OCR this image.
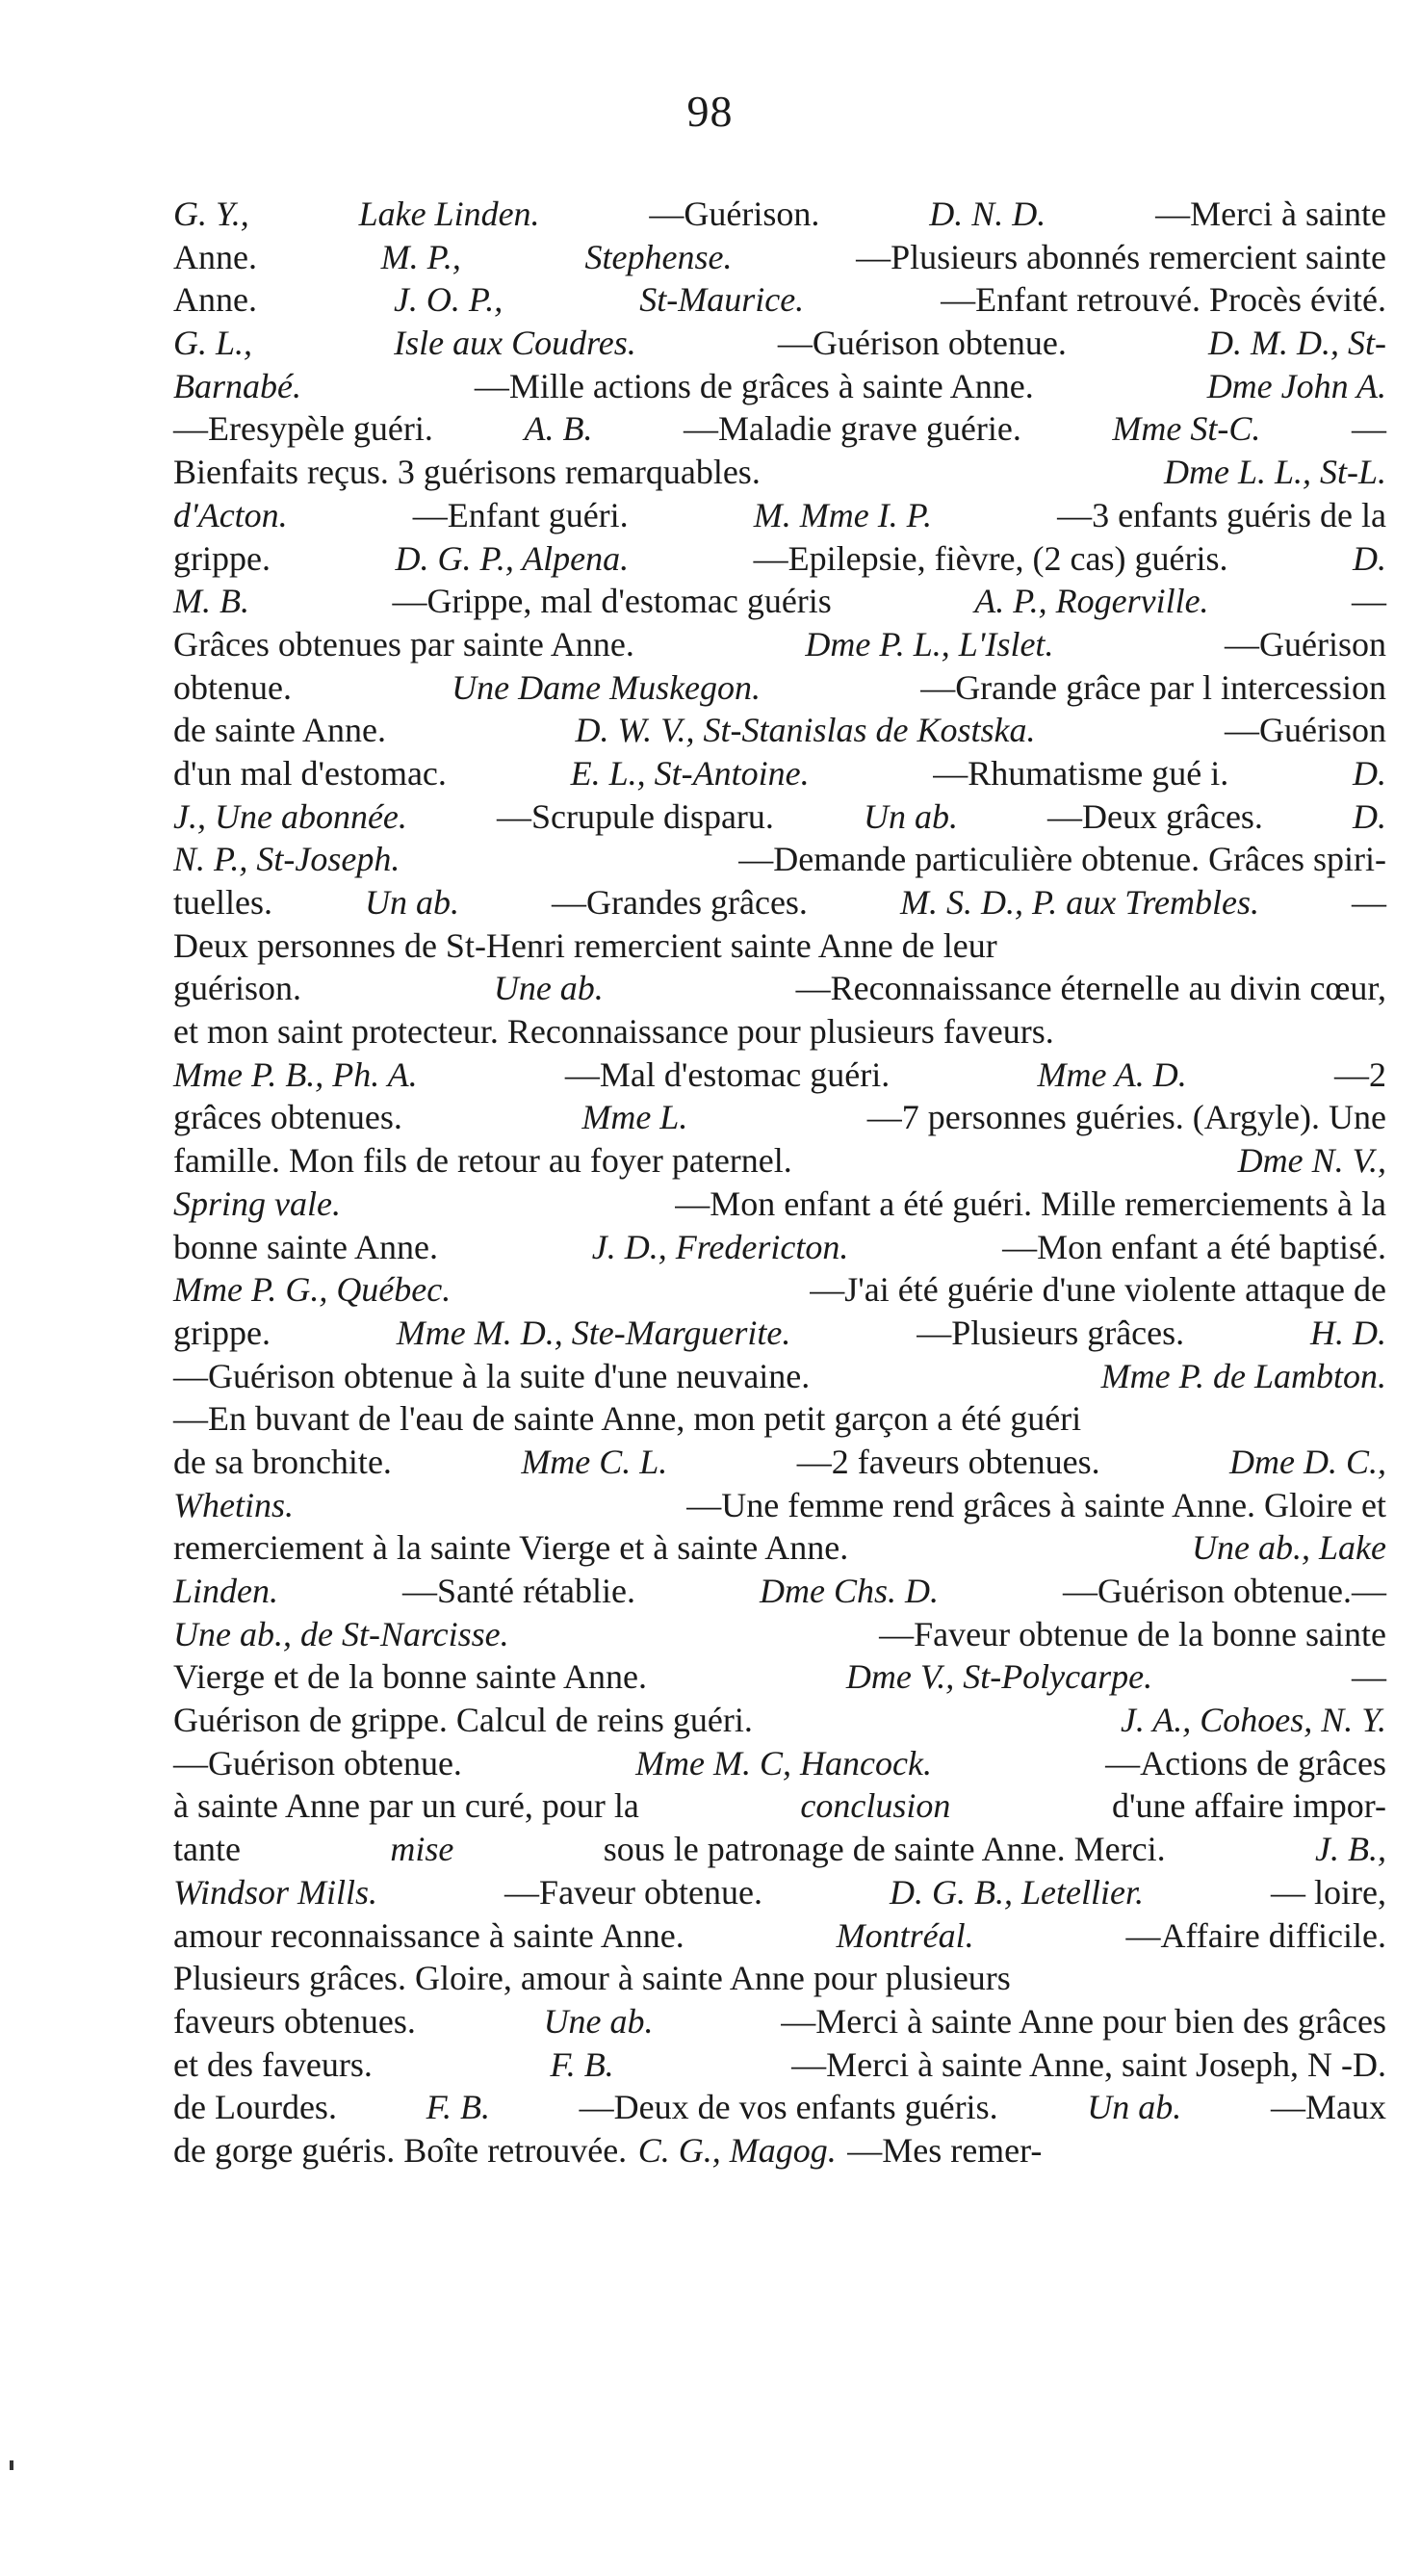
98
G. Y.,	Lake Linden.	—Guérison.	D. N. D.	—Merci à sainte
Anne.	M. P.,	Stephense.	—Plusieurs abonnés remercient sainte
Anne.	J. O. P.,	St-Maurice.	—Enfant retrouvé. Procès évité.
G. L.,	Isle aux Coudres.	—Guérison obtenue.	D. M. D., St-
Barnabé.	—Mille actions de grâces à sainte Anne.	Dme John A.
—Eresypèle guéri.	A. B.	—Maladie grave guérie.	Mme St-C.	—
Bienfaits reçus. 3 guérisons remarquables.	Dme L. L., St-L.
d'Acton.	—Enfant guéri.	M. Mme I. P.	—3 enfants guéris de la
grippe.	D. G. P., Alpena.	—Epilepsie, fièvre, (2 cas) guéris.	D.
M. B.	—Grippe, mal d'estomac guéris	A. P., Rogerville.	—
Grâces obtenues par sainte Anne.	Dme P. L., L'Islet.	—Guérison
obtenue.	Une Dame Muskegon.	—Grande grâce par l intercession
de sainte Anne.	D. W. V., St-Stanislas de Kostska.	—Guérison
d'un mal d'estomac.	E. L., St-Antoine.	—Rhumatisme gué i.	D.
J., Une abonnée.	—Scrupule disparu.	Un ab.	—Deux grâces.	D.
N. P., St-Joseph.	—Demande particulière obtenue. Grâces spiri-
tuelles.	Un ab.	—Grandes grâces.	M. S. D., P. aux Trembles.	—
Deux personnes de St-Henri remercient sainte Anne de leur
guérison.	Une ab.	—Reconnaissance éternelle au divin cœur,
et mon saint protecteur. Reconnaissance pour plusieurs faveurs.
Mme P. B., Ph. A.	—Mal d'estomac guéri.	Mme A. D.	—2
grâces obtenues.	Mme L.	—7 personnes guéries. (Argyle). Une
famille. Mon fils de retour au foyer paternel.	Dme N. V.,
Spring vale.	—Mon enfant a été guéri. Mille remerciements à la
bonne sainte Anne.	J. D., Fredericton.	—Mon enfant a été baptisé.
Mme P. G., Québec.	—J'ai été guérie d'une violente attaque de
grippe.	Mme M. D., Ste-Marguerite.	—Plusieurs grâces.	H. D.
—Guérison obtenue à la suite d'une neuvaine.	Mme P. de Lambton.
—En buvant de l'eau de sainte Anne, mon petit garçon a été guéri
de sa bronchite.	Mme C. L.	—2 faveurs obtenues.	Dme D. C.,
Whetins.	—Une femme rend grâces à sainte Anne. Gloire et
remerciement à la sainte Vierge et à sainte Anne.	Une ab., Lake
Linden.	—Santé rétablie.	Dme Chs. D.	—Guérison obtenue.—
Une ab., de St-Narcisse.	—Faveur obtenue de la bonne sainte
Vierge et de la bonne sainte Anne.	Dme V., St-Polycarpe.	—
Guérison de grippe. Calcul de reins guéri.	J. A., Cohoes, N. Y.
—Guérison obtenue.	Mme M. C, Hancock.	—Actions de grâces
à sainte Anne par un curé, pour la	conclusion	d'une affaire impor-
tante	mise	sous le patronage de sainte Anne. Merci.	J. B.,
Windsor Mills.	—Faveur obtenue.	D. G. B., Letellier.	— loire,
amour reconnaissance à sainte Anne.	Montréal.	—Affaire difficile.
Plusieurs grâces. Gloire, amour à sainte Anne pour plusieurs
faveurs obtenues.	Une ab.	—Merci à sainte Anne pour bien des grâces
et des faveurs.	F. B.	—Merci à sainte Anne, saint Joseph, N -D.
de Lourdes.	F. B.	—Deux de vos enfants guéris.	Un ab.	—Maux
de gorge guéris. Boîte retrouvée. C. G., Magog. —Mes remer-
